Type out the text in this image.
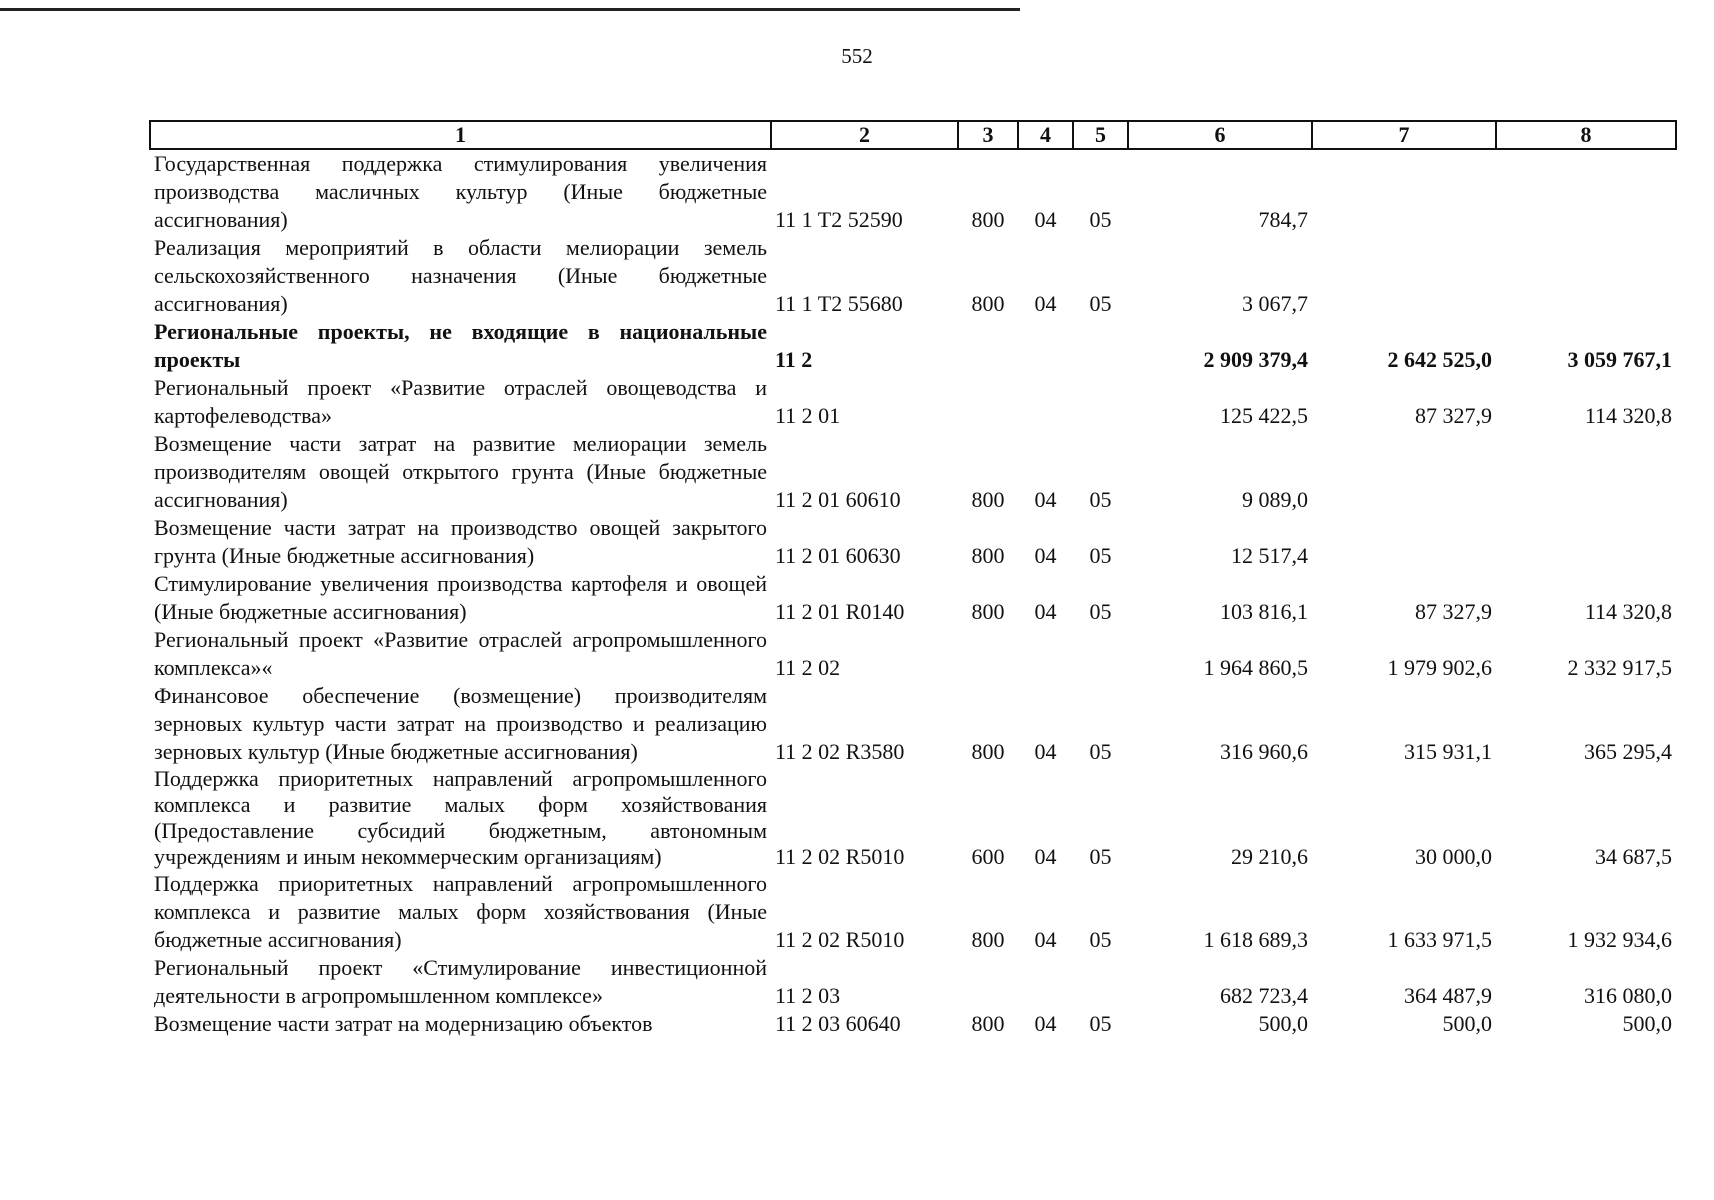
552
1	2	3	4	5	6	7	8
Государственная поддержка стимулирования увеличения производства масличных культур (Иные бюджетные ассигнования)	11 1 T2 52590	800	04	05	784,7		
Реализация мероприятий в области мелиорации земель сельскохозяйственного назначения (Иные бюджетные ассигнования)	11 1 T2 55680	800	04	05	3 067,7		
Региональные проекты, не входящие в национальные проекты	11 2				2 909 379,4	2 642 525,0	3 059 767,1
Региональный проект «Развитие отраслей овощеводства и картофелеводства»	11 2 01				125 422,5	87 327,9	114 320,8
Возмещение части затрат на развитие мелиорации земель производителям овощей открытого грунта (Иные бюджетные ассигнования)	11 2 01 60610	800	04	05	9 089,0		
Возмещение части затрат на производство овощей закрытого грунта (Иные бюджетные ассигнования)	11 2 01 60630	800	04	05	12 517,4		
Стимулирование увеличения производства картофеля и овощей (Иные бюджетные ассигнования)	11 2 01 R0140	800	04	05	103 816,1	87 327,9	114 320,8
Региональный проект «Развитие отраслей агропромышленного комплекса»«	11 2 02				1 964 860,5	1 979 902,6	2 332 917,5
Финансовое обеспечение (возмещение) производителям зерновых культур части затрат на производство и реализацию зерновых культур (Иные бюджетные ассигнования)	11 2 02 R3580	800	04	05	316 960,6	315 931,1	365 295,4
Поддержка приоритетных направлений агропромышленного комплекса и развитие малых форм хозяйствования (Предоставление субсидий бюджетным, автономным учреждениям и иным некоммерческим организациям)	11 2 02 R5010	600	04	05	29 210,6	30 000,0	34 687,5
Поддержка приоритетных направлений агропромышленного комплекса и развитие малых форм хозяйствования (Иные бюджетные ассигнования)	11 2 02 R5010	800	04	05	1 618 689,3	1 633 971,5	1 932 934,6
Региональный проект «Стимулирование инвестиционной деятельности в агропромышленном комплексе»	11 2 03				682 723,4	364 487,9	316 080,0
Возмещение части затрат на модернизацию объектов	11 2 03 60640	800	04	05	500,0	500,0	500,0
